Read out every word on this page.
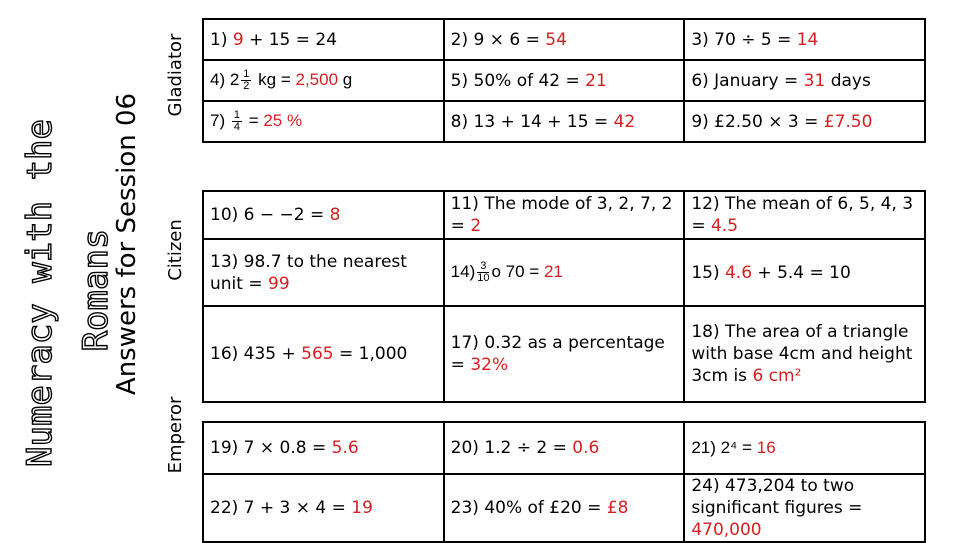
Numeracy with the Romans
Answers for Session 06
Gladiator
Citizen
Emperor
1) 9 + 15 = 24	2) 9 × 6 = 54	3) 70 ÷ 5 = 14
4) $2 \frac{1}{2}$ kg = 2,500 g	5) 50% of 42 = 21	6) January = 31 days
$7) \frac{1}{4} = 25$ %	8) 13 + 14 + 15 = 42	9) £2.50 × 3 = £7.50
10) 6 − −2 = 8	11) The mode of 3, 2, 7, 2 = 2	12) The mean of 6, 5, 4, 3 = 4.5
13) 98.7 to the nearest unit = 99	$14) \frac{3}{10}$ o 70 = 21	15) 4.6 + 5.4 = 10
16) 435 + 565 = 1,000	17) 0.32 as a percentage = 32%	18) The area of a triangle with base 4cm and height 3cm is 6 cm²

19) 7 × 0.8 = 5.6	20) 1.2 ÷ 2 = 0.6	21) 2⁴ = 16
22) 7 + 3 × 4 = 19	23) 40% of £20 = £8	24) 473,204 to two significant figures = 470,000
